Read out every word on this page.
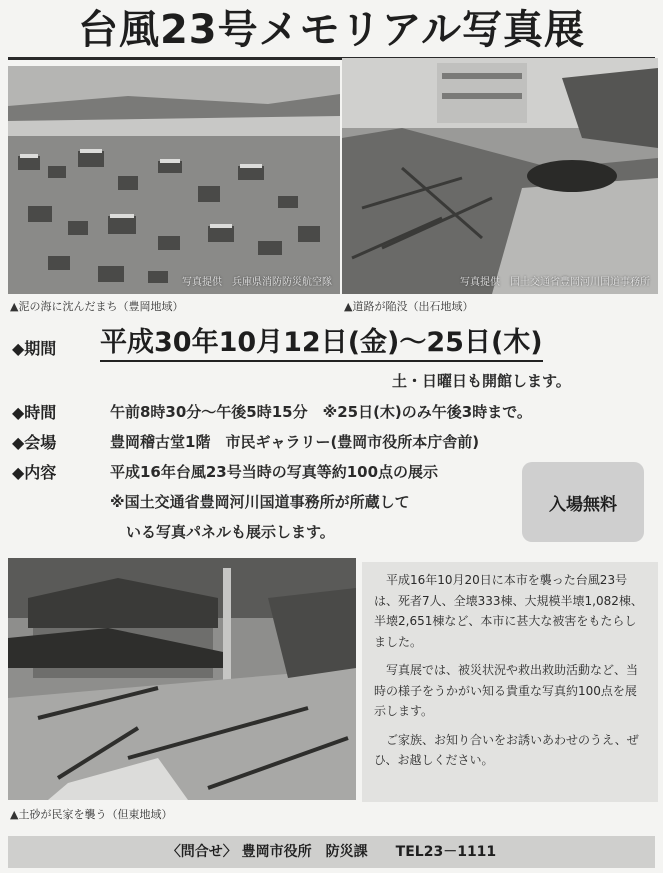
台風23号メモリアル写真展
写真提供　兵庫県消防防災航空隊
▲泥の海に沈んだまち（豊岡地域）
写真提供　国土交通省豊岡河川国道事務所
▲道路が陥没（出石地域）
◆期間 平成30年10月12日(金)～25日(木)
土・日曜日も開館します。
◆時間	午前8時30分～午後5時15分　※25日(木)のみ午後3時まで。
◆会場	豊岡稽古堂1階　市民ギャラリー(豊岡市役所本庁舎前)
◆内容	平成16年台風23号当時の写真等約100点の展示
※国土交通省豊岡河川国道事務所が所蔵して
いる写真パネルも展示します。
入場無料
▲土砂が民家を襲う（但東地域）

平成16年10月20日に本市を襲った台風23号は、死者7人、全壊333棟、大規模半壊1,082棟、半壊2,651棟など、本市に甚大な被害をもたらしました。

写真展では、被災状況や救出救助活動など、当時の様子をうかがい知る貴重な写真約100点を展示します。

ご家族、お知り合いをお誘いあわせのうえ、ぜひ、お越しください。

〈問合せ〉 豊岡市役所　防災課　　TEL23－1111
